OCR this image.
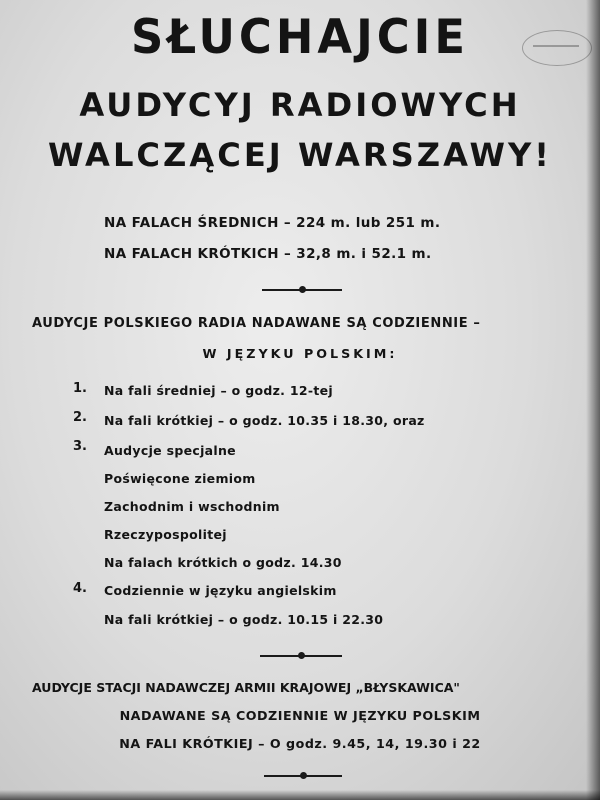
SŁUCHAJCIE
AUDYCYJ RADIOWYCH
WALCZĄCEJ WARSZAWY!
NA FALACH ŚREDNICH – 224 m. lub 251 m.
NA FALACH KRÓTKICH – 32,8 m. i 52.1 m.
AUDYCJE POLSKIEGO RADIA NADAWANE SĄ CODZIENNIE –
W JĘZYKU POLSKIM:
1. Na fali średniej – o godz. 12-tej
2. Na fali krótkiej – o godz. 10.35 i 18.30, oraz
3. Audycje specjalne
Poświęcone ziemiom
Zachodnim i wschodnim
Rzeczypospolitej
Na falach krótkich o godz. 14.30
4. Codziennie w języku angielskim
Na fali krótkiej – o godz. 10.15 i 22.30
AUDYCJE STACJI NADAWCZEJ ARMII KRAJOWEJ „BŁYSKAWICA"
NADAWANE SĄ CODZIENNIE W JĘZYKU POLSKIM
NA FALI KRÓTKIEJ – O godz. 9.45, 14, 19.30 i 22
